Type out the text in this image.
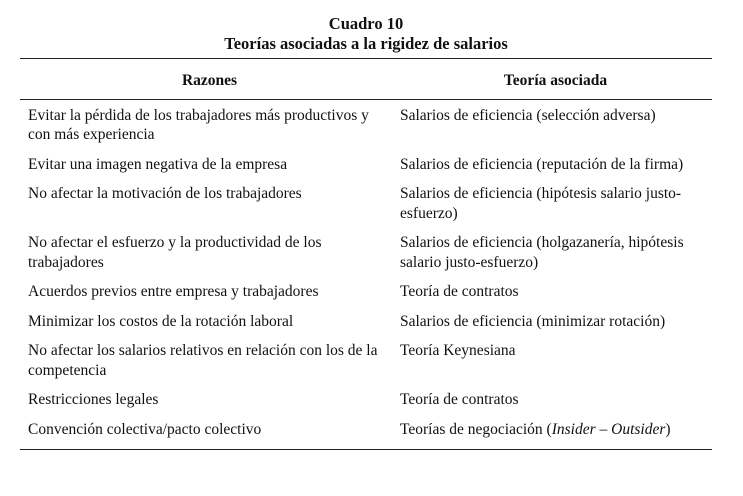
Cuadro 10
Teorías asociadas a la rigidez de salarios
Razones	Teoría asociada
Evitar la pérdida de los trabajadores más productivos y con más experiencia	Salarios de eficiencia (selección adversa)
Evitar una imagen negativa de la empresa	Salarios de eficiencia (reputación de la firma)
No afectar la motivación de los trabajadores	Salarios de eficiencia (hipótesis salario justo-esfuerzo)
No afectar el esfuerzo y la productividad de los trabajadores	Salarios de eficiencia (holgazanería, hipótesis salario justo-esfuerzo)
Acuerdos previos entre empresa y trabajadores	Teoría de contratos
Minimizar los costos de la rotación laboral	Salarios de eficiencia (minimizar rotación)
No afectar los salarios relativos en relación con los de la competencia	Teoría Keynesiana
Restricciones legales	Teoría de contratos
Convención colectiva/pacto colectivo	Teorías de negociación (Insider – Outsider)
